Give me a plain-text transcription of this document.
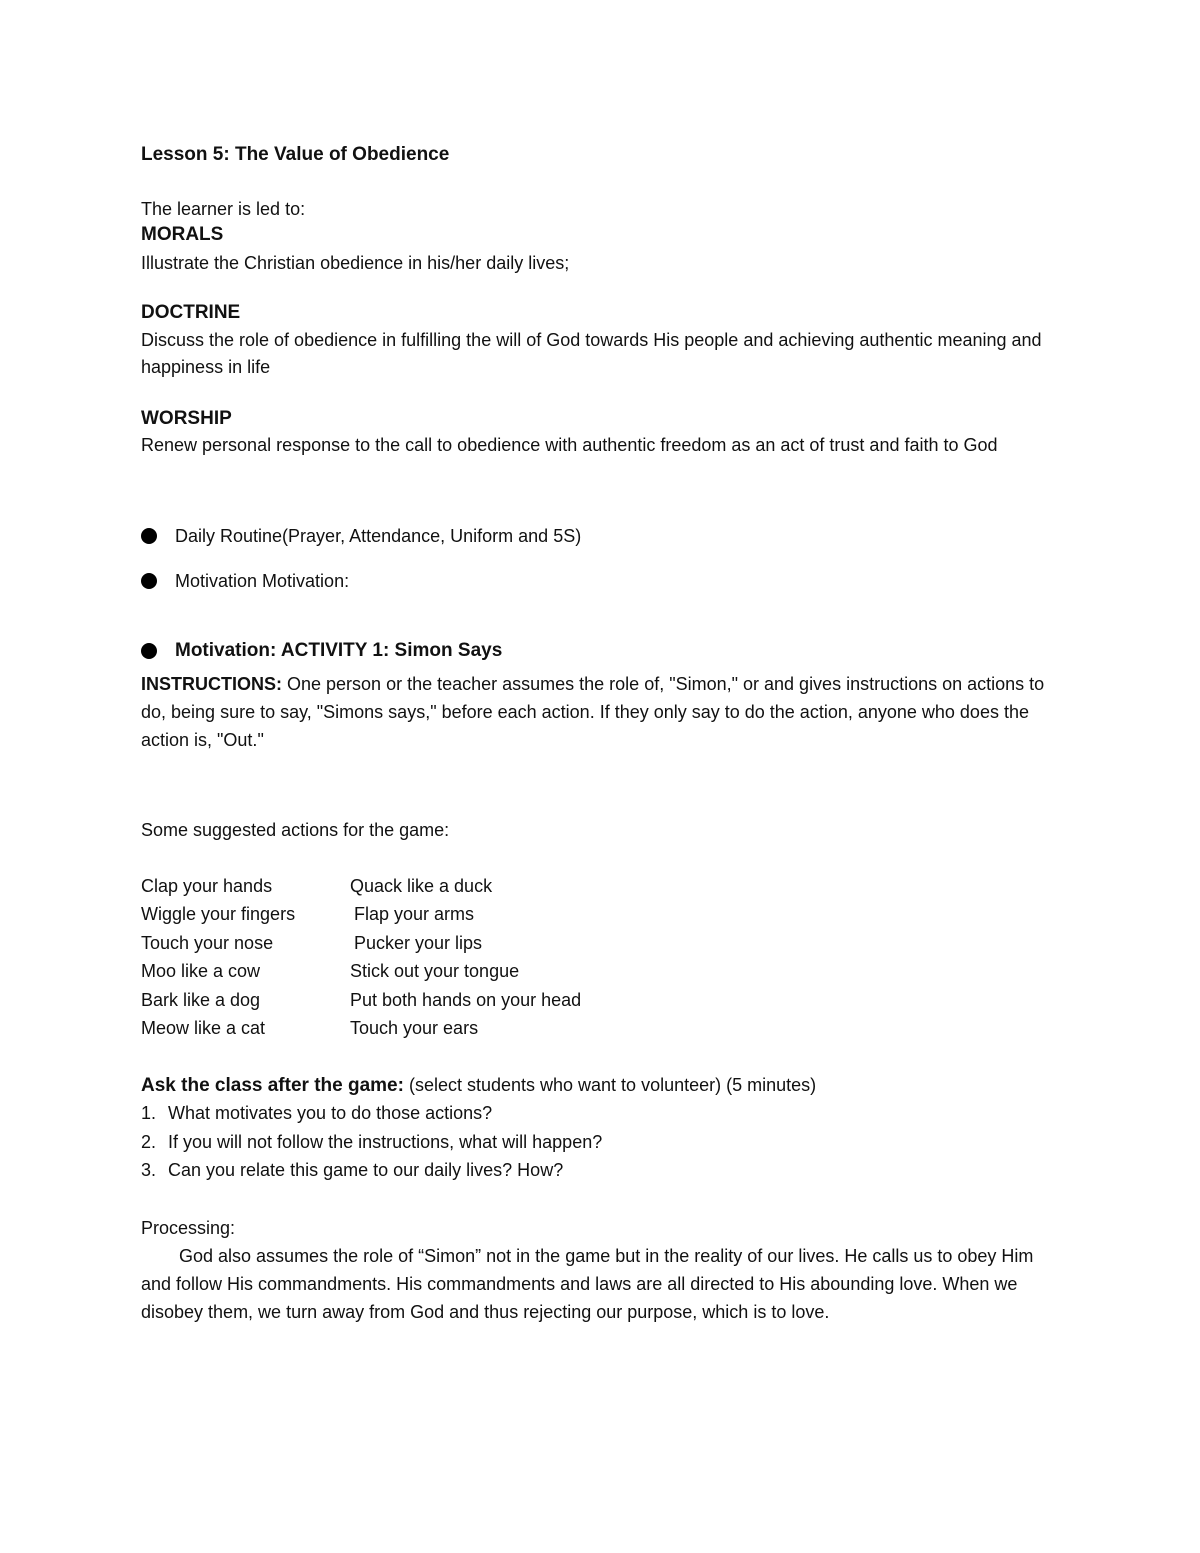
Lesson 5: The Value of Obedience
The learner is led to:
MORALS
Illustrate the Christian obedience in his/her daily lives;
DOCTRINE
Discuss the role of obedience in fulfilling the will of God towards His people and achieving authentic meaning and happiness in life
WORSHIP
Renew personal response to the call to obedience with authentic freedom as an act of trust and faith to God
Daily Routine(Prayer, Attendance, Uniform and 5S)
Motivation Motivation:
Motivation: ACTIVITY 1: Simon Says

INSTRUCTIONS: One person or the teacher assumes the role of, "Simon," or and gives instructions on actions to do, being sure to say, "Simons says," before each action. If they only say to do the action, anyone who does the action is, "Out."

Some suggested actions for the game:
Clap your hands	Quack like a duck
Wiggle your fingers	Flap your arms
Touch your nose	Pucker your lips
Moo like a cow	Stick out your tongue
Bark like a dog	Put both hands on your head
Meow like a cat	Touch your ears

Ask the class after the game: (select students who want to volunteer) (5 minutes)

1. What motivates you to do those actions?
2. If you will not follow the instructions, what will happen?
3. Can you relate this game to our daily lives? How?
Processing:

God also assumes the role of “Simon” not in the game but in the reality of our lives. He calls us to obey Him and follow His commandments. His commandments and laws are all directed to His abounding love. When we disobey them, we turn away from God and thus rejecting our purpose, which is to love.
